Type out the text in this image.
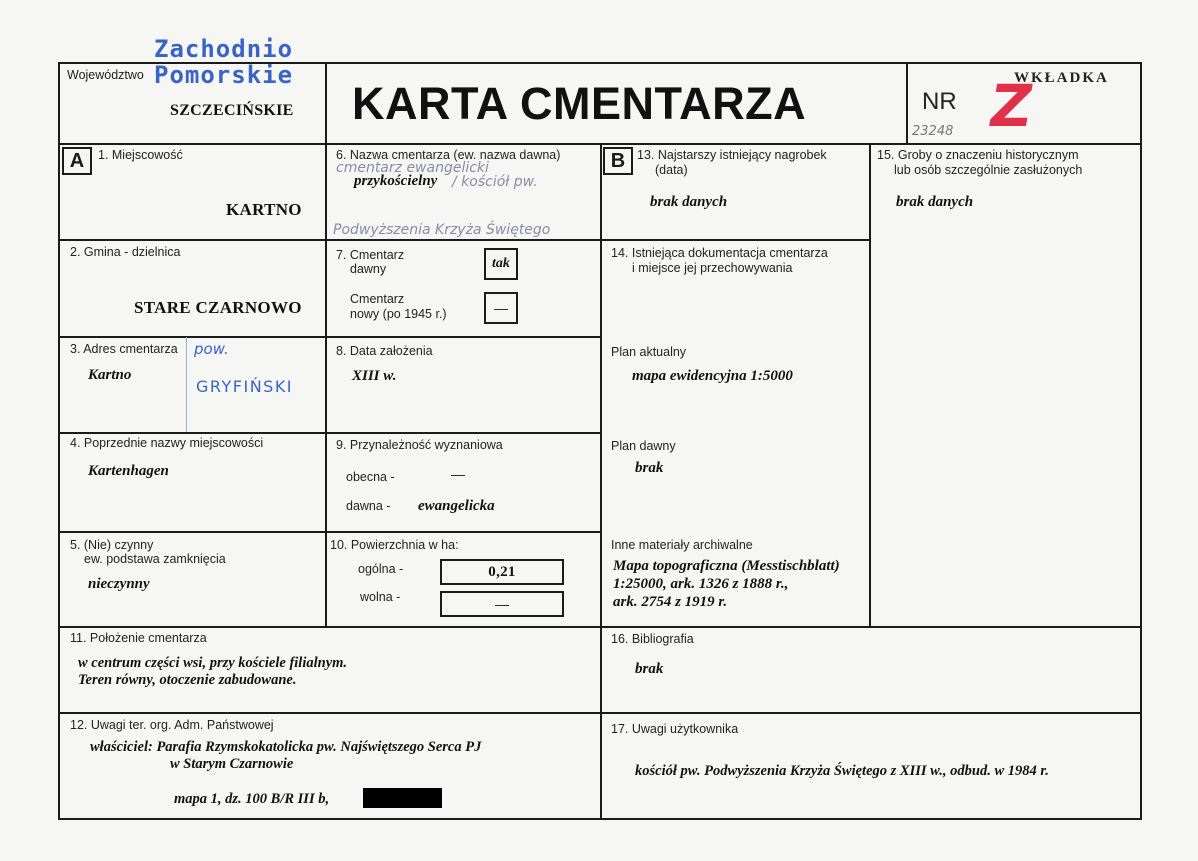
Zachodnio
Pomorskie
Województwo
SZCZECIŃSKIE KARTA CMENTARZA	NR
23248
WKŁADKA
Z
A	B
1. Miejscowość
KARTNO
2. Gmina - dzielnica
STARE CZARNOWO
3. Adres cmentarza
Kartno
pow.
GRYFIŃSKI
4. Poprzednie nazwy miejscowości
Kartenhagen
5. (Nie) czynny
ew. podstawa zamknięcia
nieczynny
6. Nazwa cmentarza (ew. nazwa dawna)
cmentarz ewangelicki
przykościelny / kościół pw.
Podwyższenia Krzyża Świętego
7. Cmentarz
dawny	tak
Cmentarz
nowy (po 1945 r.)	—
8. Data założenia
XIII w.
9. Przynależność wyznaniowa
obecna -	—
dawna - ewangelicka
10. Powierzchnia w ha:
ogólna -	0,21
wolna -	—
11. Położenie cmentarza
w centrum części wsi, przy kościele filialnym.
Teren równy, otoczenie zabudowane.
12. Uwagi ter. org. Adm. Państwowej
właściciel: Parafia Rzymskokatolicka pw. Najświętszego Serca PJ
w Starym Czarnowie
mapa 1, dz. 100 B/R III b,
13. Najstarszy istniejący nagrobek
(data)
brak danych
14. Istniejąca dokumentacja cmentarza
i miejsce jej przechowywania
Plan aktualny
mapa ewidencyjna 1:5000
Plan dawny
brak
Inne materiały archiwalne
Mapa topograficzna (Messtischblatt)
1:25000, ark. 1326 z 1888 r.,
ark. 2754 z 1919 r.
15. Groby o znaczeniu historycznym
lub osób szczególnie zasłużonych
brak danych
16. Bibliografia
brak
17. Uwagi użytkownika
kościół pw. Podwyższenia Krzyża Świętego z XIII w., odbud. w 1984 r.
